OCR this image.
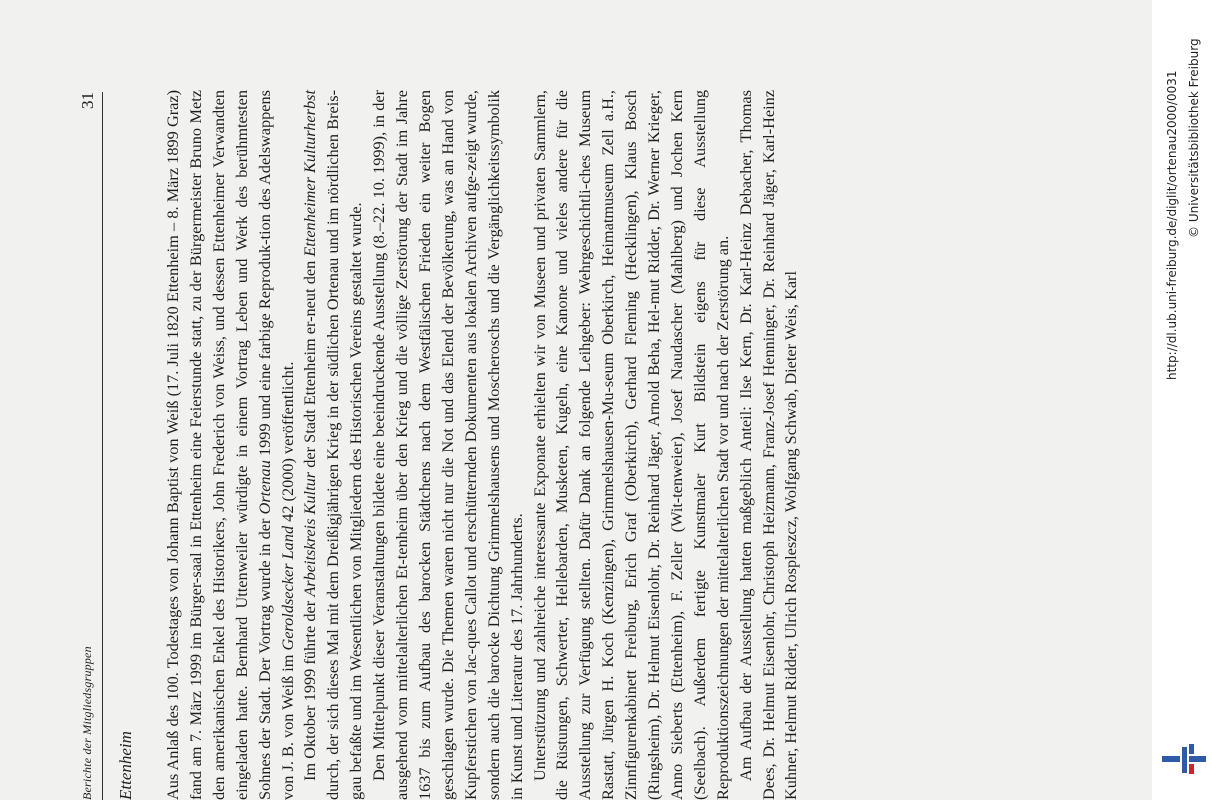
Berichte der Mitgliedsgruppen
31
Ettenheim Aus Anlaß des 100. Todestages von Johann Baptist von Weiß (17. Juli 1820 Ettenheim – 8. März 1899 Graz) fand am 7. März 1999 im Bürger-saal in Ettenheim eine Feierstunde statt, zu der Bürgermeister Bruno Metz den amerikanischen Enkel des Historikers, John Frederich von Weiss, und dessen Ettenheimer Verwandten eingeladen hatte. Bernhard Uttenweiler würdigte in einem Vortrag Leben und Werk des berühmtesten Sohnes der Stadt. Der Vortrag wurde in der Ortenau 1999 und eine farbige Reproduk-tion des Adelswappens von J. B. von Weiß im Geroldsecker Land 42 (2000) veröffentlicht.

Im Oktober 1999 führte der Arbeitskreis Kultur der Stadt Ettenheim er-neut den Ettenheimer Kulturherbst durch, der sich dieses Mal mit dem Dreißigjährigen Krieg in der südlichen Ortenau und im nördlichen Breis-gau befaßte und im Wesentlichen von Mitgliedern des Historischen Vereins gestaltet wurde. Den Mittelpunkt dieser Veranstaltungen bildete eine beeindruckende Ausstellung (8.–22. 10. 1999), in der ausgehend vom mittelalterlichen Et-tenheim über den Krieg und die völlige Zerstörung der Stadt im Jahre 1637 bis zum Aufbau des barocken Städtchens nach dem Westfälischen Frieden ein weiter Bogen geschlagen wurde. Die Themen waren nicht nur die Not und das Elend der Bevölkerung, was an Hand von Kupferstichen von Jac-ques Callot und erschütternden Dokumenten aus lokalen Archiven aufge-zeigt wurde, sondern auch die barocke Dichtung Grimmelshausens und Moscheroschs und die Vergänglichkeitssymbolik in Kunst und Literatur des 17. Jahrhunderts. Unterstützung und zahlreiche interessante Exponate erhielten wir von Museen und privaten Sammlern, die Rüstungen, Schwerter, Hellebarden, Musketen, Kugeln, eine Kanone und vieles andere für die Ausstellung zur Verfügung stellten. Dafür Dank an folgende Leihgeber: Wehrgeschichtli-ches Museum Rastatt, Jürgen H. Koch (Kenzingen), Grimmelshausen-Mu-seum Oberkirch, Heimatmuseum Zell a.H., Zinnfigurenkabinett Freiburg, Erich Graf (Oberkirch), Gerhard Fleming (Hecklingen), Klaus Bosch (Ringsheim), Dr. Helmut Eisenlohr, Dr. Reinhard Jäger, Arnold Beha, Hel-mut Ridder, Dr. Werner Krieger, Anno Sieberts (Ettenheim), F. Zeller (Wit-tenweier), Josef Naudascher (Mahlberg) und Jochen Kern (Seelbach). Außerdem fertigte Kunstmaler Kurt Bildstein eigens für diese Ausstellung Reproduktionszeichnungen der mittelalterlichen Stadt vor und nach der Zerstörung an. Am Aufbau der Ausstellung hatten maßgeblich Anteil: Ilse Kern, Dr. Karl-Heinz Debacher, Thomas Dees, Dr. Helmut Eisenlohr, Christoph Heizmann, Franz-Josef Henninger, Dr. Reinhard Jäger, Karl-Heinz Kuhner, Helmut Ridder, Ulrich Rospleszcz, Wolfgang Schwab, Dieter Weis, Karl

http://dl.ub.uni-freiburg.de/diglit/ortenau2000/0031 © Universitätsbibliothek Freiburg
